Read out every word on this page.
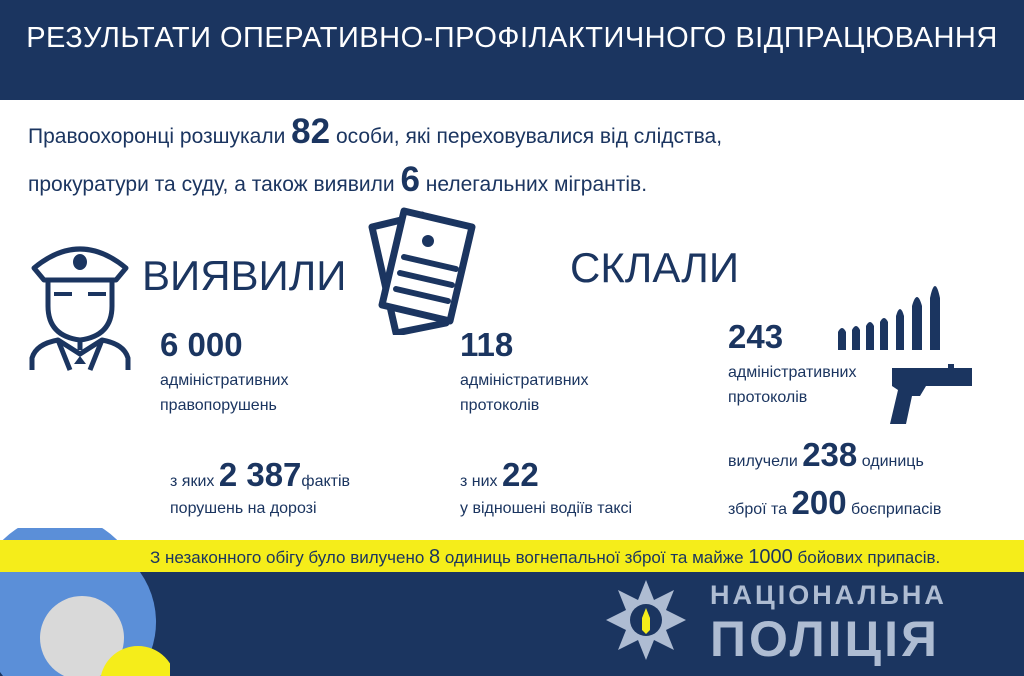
РЕЗУЛЬТАТИ ОПЕРАТИВНО-ПРОФІЛАКТИЧНОГО ВІДПРАЦЮВАННЯ
Правоохоронці розшукали 82 особи, які переховувалися від слідства,
прокуратури та суду, а також виявили 6 нелегальних мігрантів.
ВИЯВИЛИ	СКЛАЛИ
6 000
адміністративних
правопорушень
з яких 2 387фактів
порушень на дорозі
118
адміністративних
протоколів
з них 22
у відношені водіїв таксі
243
адміністративних
протоколів
вилучели 238 одиниць
зброї та 200 боєприпасів
З незаконного обігу було вилучено 8 одиниць вогнепальної зброї та майже 1000 бойових припасів.
НАЦІОНАЛЬНА
ПОЛІЦІЯ
